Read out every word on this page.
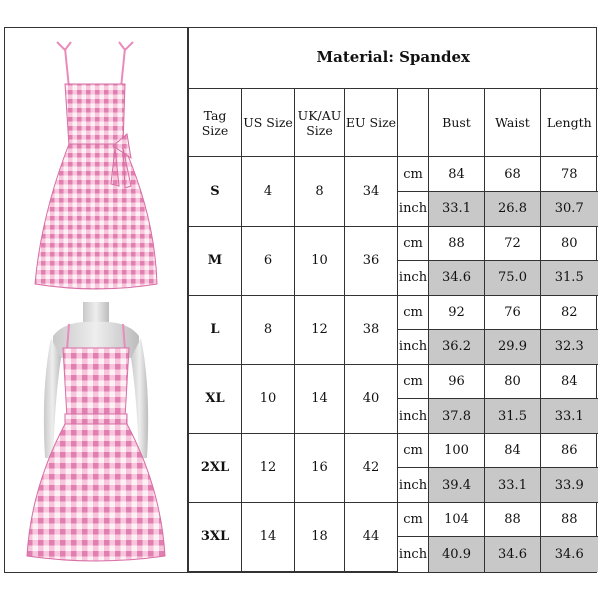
Material: Spandex							
Tag Size	US Size	UK/AU Size	EU Size		Bust	Waist	Length
S	4	8	34	cm	84	68	78
				inch	33.1	26.8	30.7
M	6	10	36	cm	88	72	80
				inch	34.6	75.0	31.5
L	8	12	38	cm	92	76	82
				inch	36.2	29.9	32.3
XL	10	14	40	cm	96	80	84
				inch	37.8	31.5	33.1
2XL	12	16	42	cm	100	84	86
				inch	39.4	33.1	33.9
3XL	14	18	44	cm	104	88	88
				inch	40.9	34.6	34.6
